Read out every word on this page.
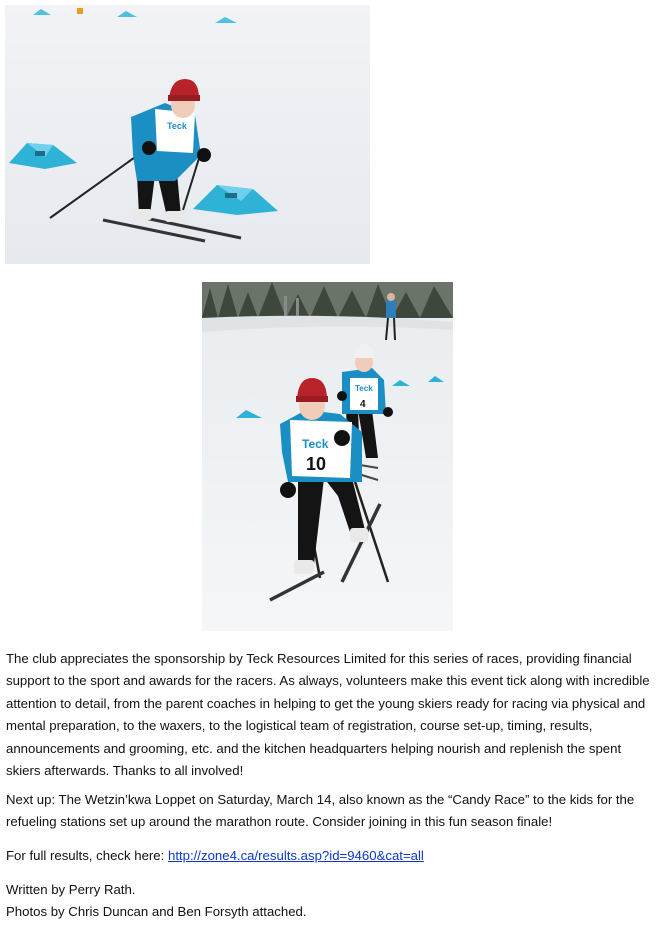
Teck
Teck
4
Teck
10

The club appreciates the sponsorship by Teck Resources Limited for this series of races, providing financial support to the sport and awards for the racers. As always, volunteers make this event tick along with incredible attention to detail, from the parent coaches in helping to get the young skiers ready for racing via physical and mental preparation, to the waxers, to the logistical team of registration, course set-up, timing, results, announcements and grooming, etc. and the kitchen headquarters helping nourish and replenish the spent skiers afterwards. Thanks to all involved!

Next up: The Wetzin’kwa Loppet on Saturday, March 14, also known as the “Candy Race” to the kids for the refueling stations set up around the marathon route. Consider joining in this fun season finale!

For full results, check here: http://zone4.ca/results.asp?id=9460&cat=all

Written by Perry Rath.
Photos by Chris Duncan and Ben Forsyth attached.
